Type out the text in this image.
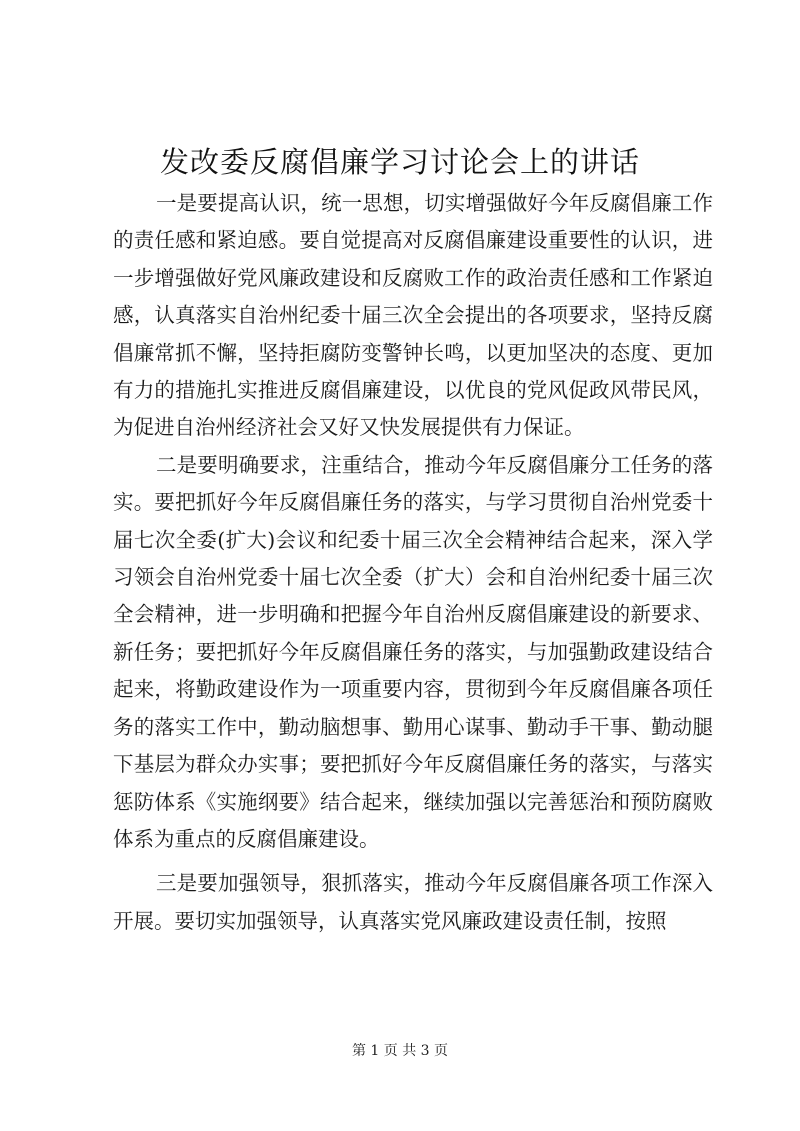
发改委反腐倡廉学习讨论会上的讲话

一是要提高认识，统一思想，切实增强做好今年反腐倡廉工作的责任感和紧迫感。要自觉提高对反腐倡廉建设重要性的认识，进一步增强做好党风廉政建设和反腐败工作的政治责任感和工作紧迫感，认真落实自治州纪委十届三次全会提出的各项要求，坚持反腐倡廉常抓不懈，坚持拒腐防变警钟长鸣，以更加坚决的态度、更加有力的措施扎实推进反腐倡廉建设，以优良的党风促政风带民风，为促进自治州经济社会又好又快发展提供有力保证。

二是要明确要求，注重结合，推动今年反腐倡廉分工任务的落实。要把抓好今年反腐倡廉任务的落实，与学习贯彻自治州党委十届七次全委(扩大)会议和纪委十届三次全会精神结合起来，深入学习领会自治州党委十届七次全委（扩大）会和自治州纪委十届三次全会精神，进一步明确和把握今年自治州反腐倡廉建设的新要求、新任务；要把抓好今年反腐倡廉任务的落实，与加强勤政建设结合起来，将勤政建设作为一项重要内容，贯彻到今年反腐倡廉各项任务的落实工作中，勤动脑想事、勤用心谋事、勤动手干事、勤动腿下基层为群众办实事；要把抓好今年反腐倡廉任务的落实，与落实惩防体系《实施纲要》结合起来，继续加强以完善惩治和预防腐败体系为重点的反腐倡廉建设。

三是要加强领导，狠抓落实，推动今年反腐倡廉各项工作深入开展。要切实加强领导，认真落实党风廉政建设责任制，按照

第 1 页 共 3 页
